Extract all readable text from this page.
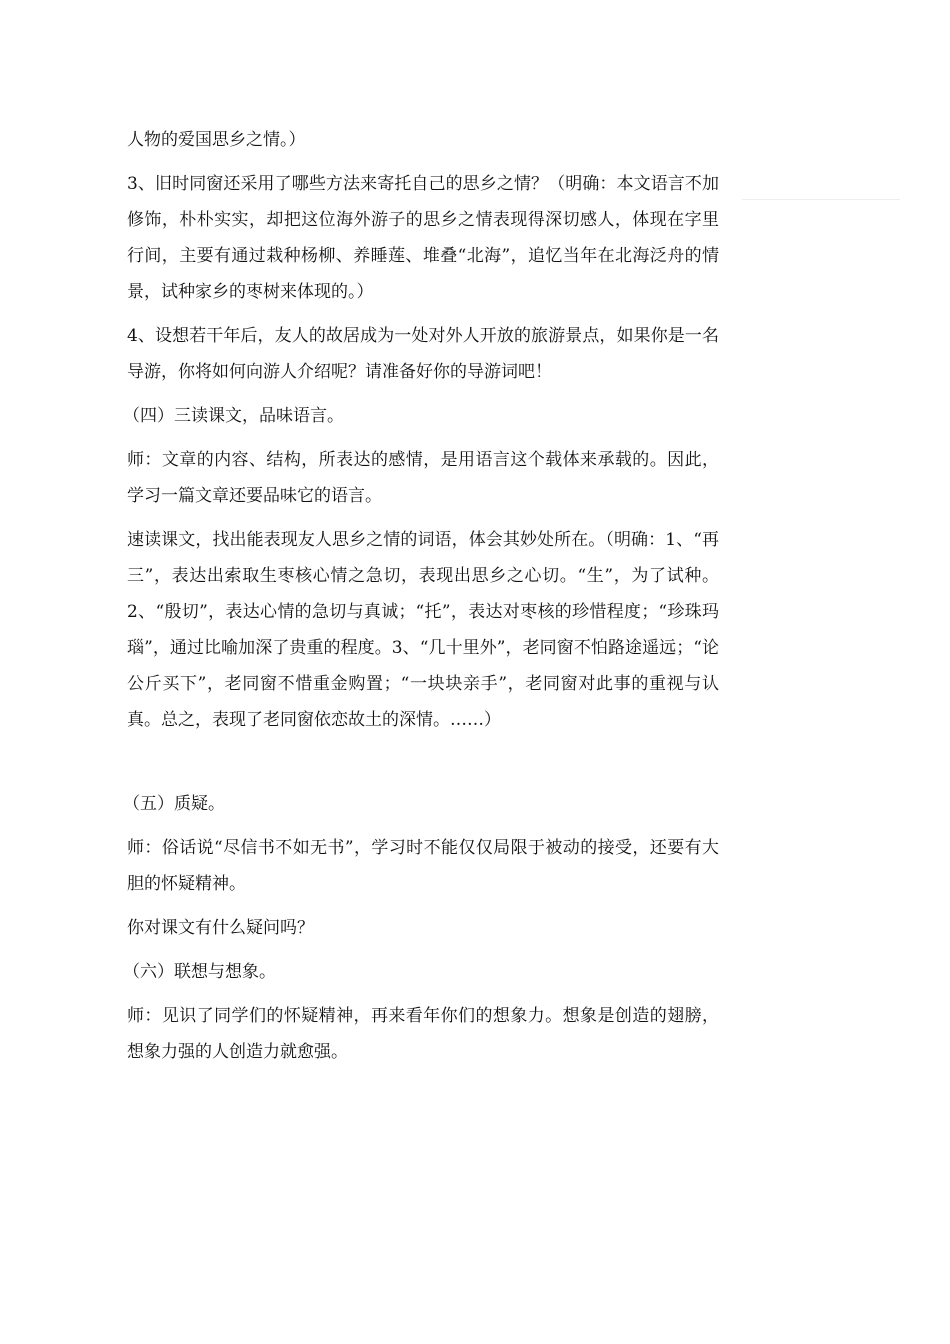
人物的爱国思乡之情。）

3、旧时同窗还采用了哪些方法来寄托自己的思乡之情？（明确：本文语言不加修饰，朴朴实实，却把这位海外游子的思乡之情表现得深切感人，体现在字里行间，主要有通过栽种杨柳、养睡莲、堆叠“北海”，追忆当年在北海泛舟的情景，试种家乡的枣树来体现的。）

4、设想若干年后，友人的故居成为一处对外人开放的旅游景点，如果你是一名导游，你将如何向游人介绍呢？请准备好你的导游词吧！

（四）三读课文，品味语言。

师：文章的内容、结构，所表达的感情，是用语言这个载体来承载的。因此，学习一篇文章还要品味它的语言。

速读课文，找出能表现友人思乡之情的词语，体会其妙处所在。（明确：1、“再三”，表达出索取生枣核心情之急切，表现出思乡之心切。“生”，为了试种。2、“殷切”，表达心情的急切与真诚；“托”，表达对枣核的珍惜程度；“珍珠玛瑙”，通过比喻加深了贵重的程度。3、“几十里外”，老同窗不怕路途遥远；“论公斤买下”，老同窗不惜重金购置；“一块块亲手”，老同窗对此事的重视与认真。总之，表现了老同窗依恋故土的深情。……）

（五）质疑。

师：俗话说“尽信书不如无书”，学习时不能仅仅局限于被动的接受，还要有大胆的怀疑精神。

你对课文有什么疑问吗？

（六）联想与想象。

师：见识了同学们的怀疑精神，再来看年你们的想象力。想象是创造的翅膀，想象力强的人创造力就愈强。
